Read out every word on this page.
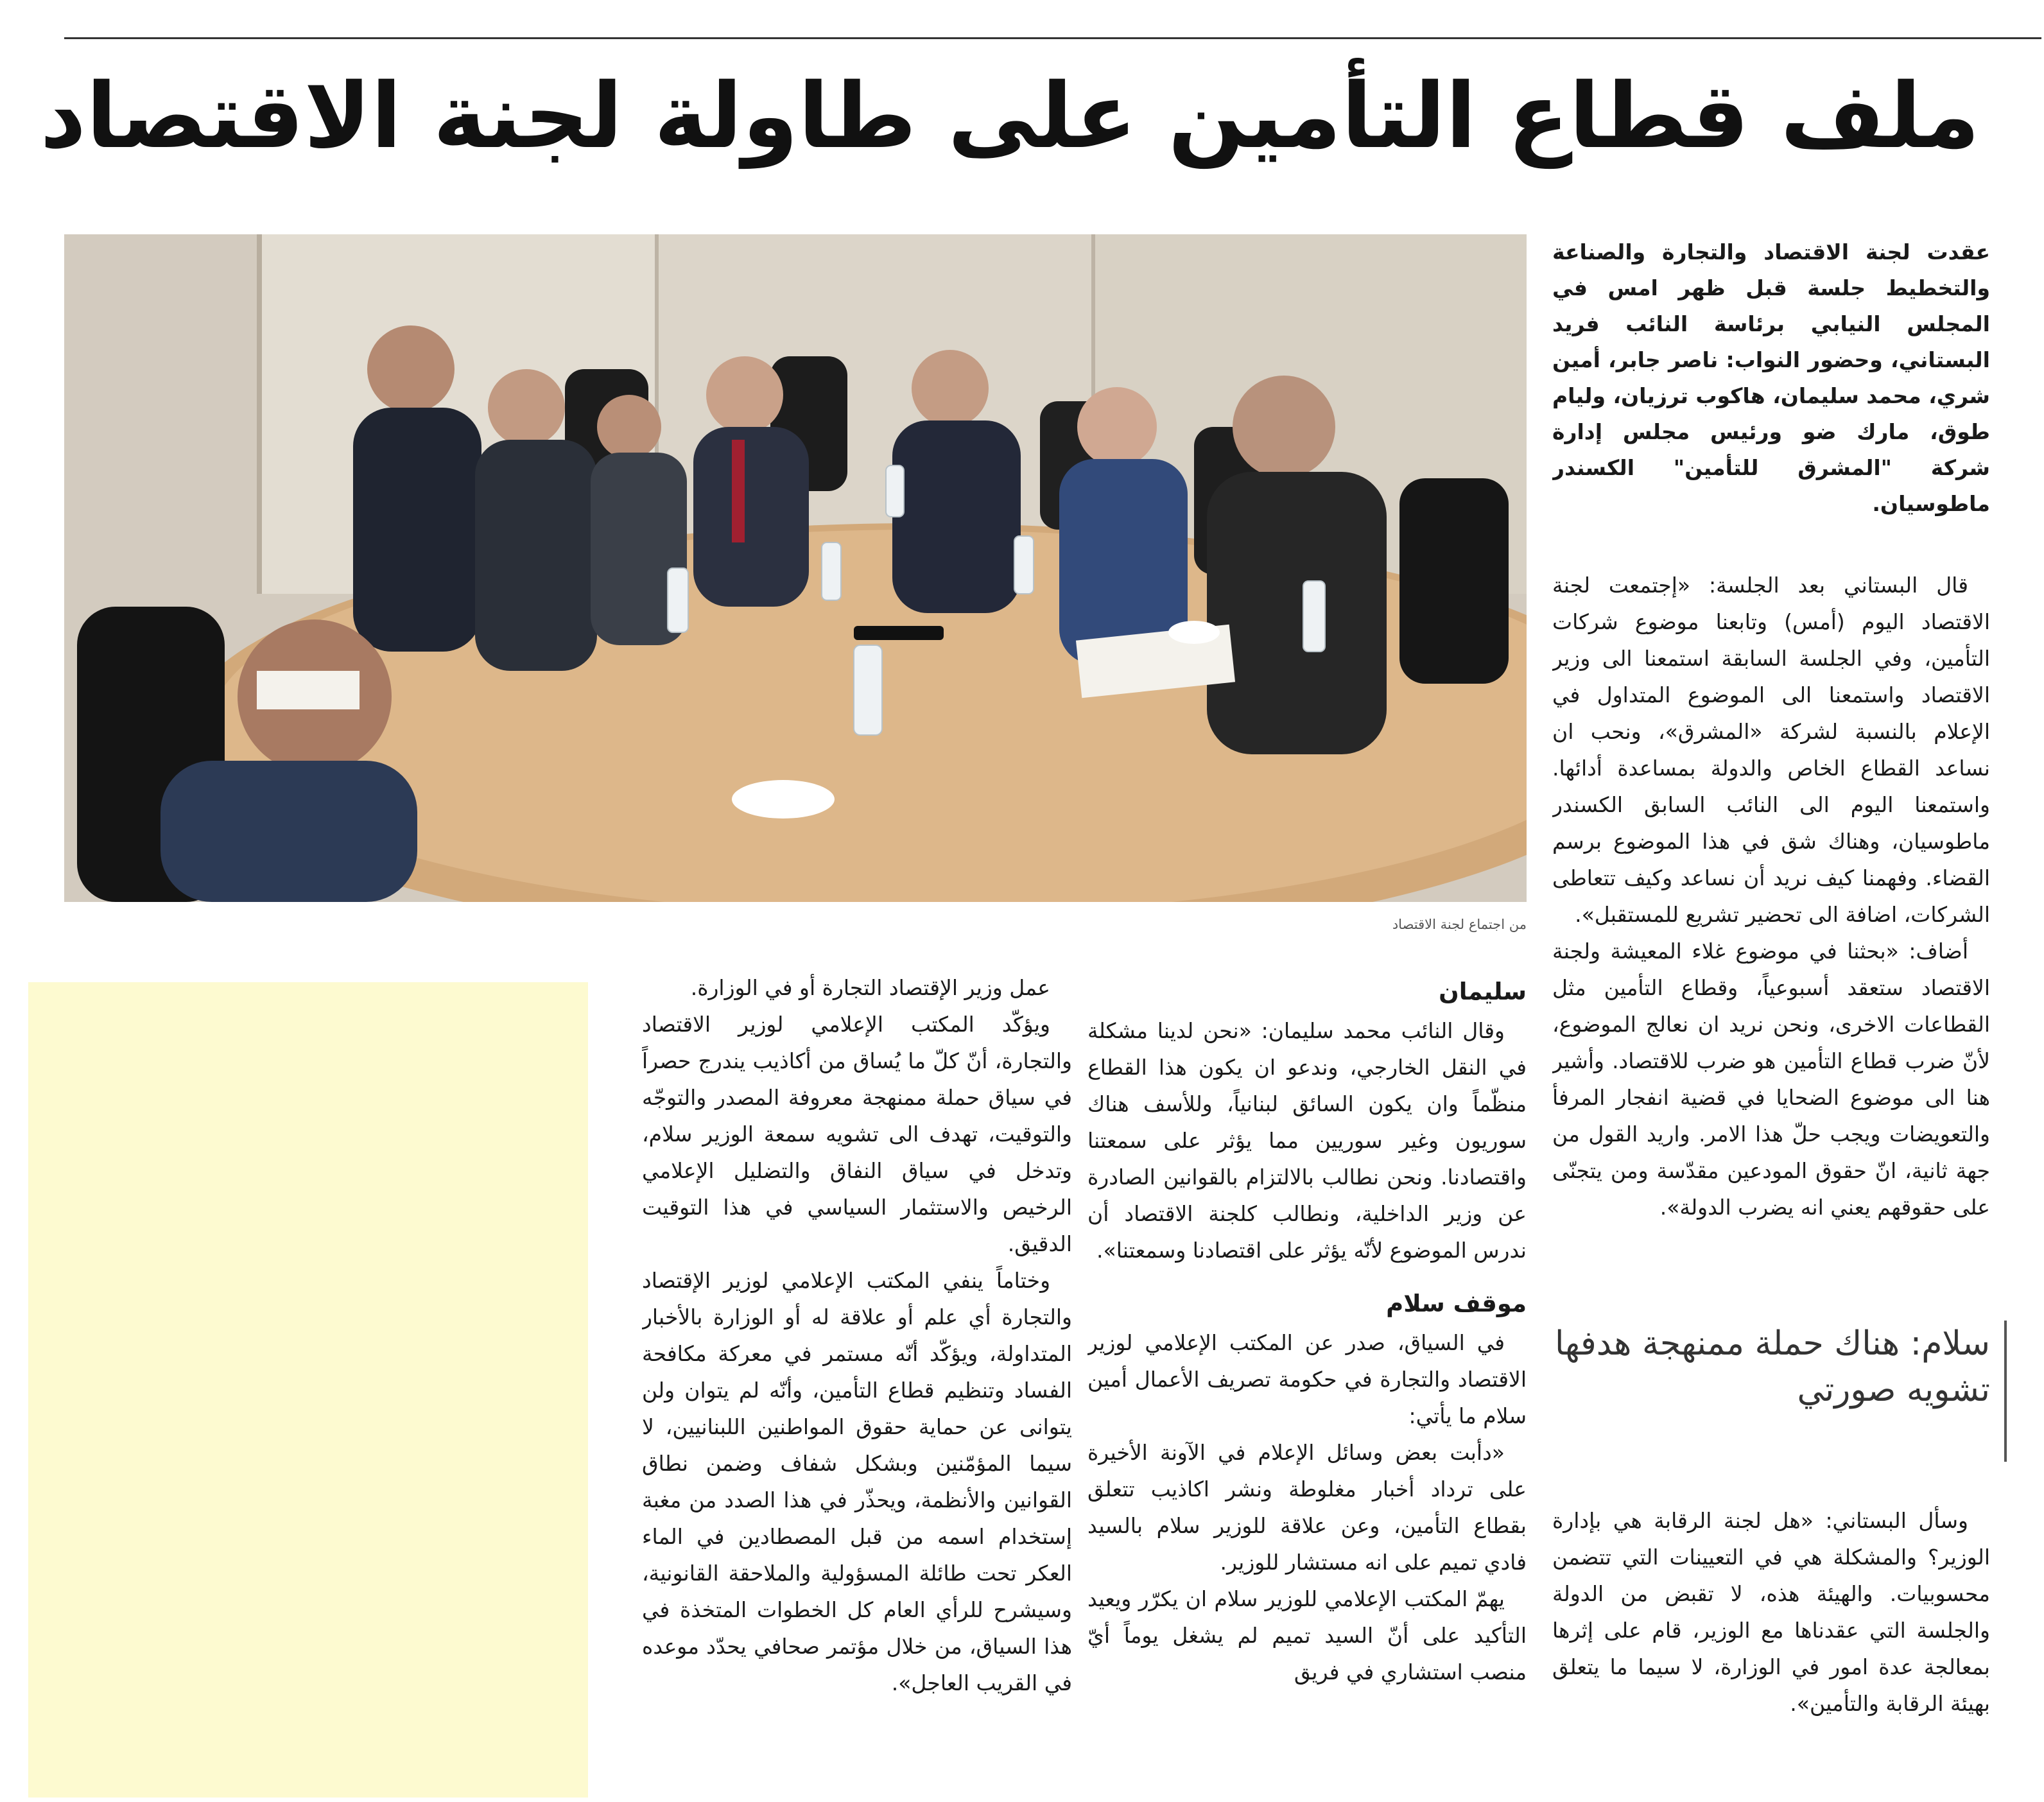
ملف قطاع التأمين على طاولة لجنة الاقتصاد
من اجتماع لجنة الاقتصاد

عقدت لجنة الاقتصاد والتجارة والصناعة والتخطيط جلسة قبل ظهر امس في المجلس النيابي برئاسة النائب فريد البستاني، وحضور النواب: ناصر جابر، أمين شري، محمد سليمان، هاكوب ترزيان، وليام طوق، مارك ضو ورئيس مجلس إدارة شركة "المشرق للتأمين" الكسندر ماطوسيان.

قال البستاني بعد الجلسة: «إجتمعت لجنة الاقتصاد اليوم (أمس) وتابعنا موضوع شركات التأمين، وفي الجلسة السابقة استمعنا الى وزير الاقتصاد واستمعنا الى الموضوع المتداول في الإعلام بالنسبة لشركة «المشرق»، ونحب ان نساعد القطاع الخاص والدولة بمساعدة أدائها. واستمعنا اليوم الى النائب السابق الكسندر ماطوسيان، وهناك شق في هذا الموضوع برسم القضاء. وفهمنا كيف نريد أن نساعد وكيف تتعاطى الشركات، اضافة الى تحضير تشريع للمستقبل».

أضاف: «بحثنا في موضوع غلاء المعيشة ولجنة الاقتصاد ستعقد أسبوعياً، وقطاع التأمين مثل القطاعات الاخرى، ونحن نريد ان نعالج الموضوع، لأنّ ضرب قطاع التأمين هو ضرب للاقتصاد. وأشير هنا الى موضوع الضحايا في قضية انفجار المرفأ والتعويضات ويجب حلّ هذا الامر. واريد القول من جهة ثانية، انّ حقوق المودعين مقدّسة ومن يتجنّى على حقوقهم يعني انه يضرب الدولة».

سلام: هناك حملة ممنهجة هدفها تشويه صورتي

وسأل البستاني: «هل لجنة الرقابة هي بإدارة الوزير؟ والمشكلة هي في التعيينات التي تتضمن محسوبيات. والهيئة هذه، لا تقبض من الدولة والجلسة التي عقدناها مع الوزير، قام على إثرها بمعالجة عدة امور في الوزارة، لا سيما ما يتعلق بهيئة الرقابة والتأمين».

سليمان

وقال النائب محمد سليمان: «نحن لدينا مشكلة في النقل الخارجي، وندعو ان يكون هذا القطاع منظّماً وان يكون السائق لبنانياً، وللأسف هناك سوريون وغير سوريين مما يؤثر على سمعتنا واقتصادنا. ونحن نطالب بالالتزام بالقوانين الصادرة عن وزير الداخلية، ونطالب كلجنة الاقتصاد أن ندرس الموضوع لأنّه يؤثر على اقتصادنا وسمعتنا».

موقف سلام

في السياق، صدر عن المكتب الإعلامي لوزير الاقتصاد والتجارة في حكومة تصريف الأعمال أمين سلام ما يأتي:

«دأبت بعض وسائل الإعلام في الآونة الأخيرة على ترداد أخبار مغلوطة ونشر اكاذيب تتعلق بقطاع التأمين، وعن علاقة للوزير سلام بالسيد فادي تميم على انه مستشار للوزير.

يهمّ المكتب الإعلامي للوزير سلام ان يكرّر ويعيد التأكيد على أنّ السيد تميم لم يشغل يوماً أيّ منصب استشاري في فريق

عمل وزير الإقتصاد التجارة أو في الوزارة.

ويؤكّد المكتب الإعلامي لوزير الاقتصاد والتجارة، أنّ كلّ ما يُساق من أكاذيب يندرج حصراً في سياق حملة ممنهجة معروفة المصدر والتوجّه والتوقيت، تهدف الى تشويه سمعة الوزير سلام، وتدخل في سياق النفاق والتضليل الإعلامي الرخيص والاستثمار السياسي في هذا التوقيت الدقيق.

وختاماً ينفي المكتب الإعلامي لوزير الإقتصاد والتجارة أي علم أو علاقة له أو الوزارة بالأخبار المتداولة، ويؤكّد أنّه مستمر في معركة مكافحة الفساد وتنظيم قطاع التأمين، وأنّه لم يتوان ولن يتوانى عن حماية حقوق المواطنين اللبنانيين، لا سيما المؤمّنين وبشكل شفاف وضمن نطاق القوانين والأنظمة، ويحذّر في هذا الصدد من مغبة إستخدام اسمه من قبل المصطادين في الماء العكر تحت طائلة المسؤولية والملاحقة القانونية، وسيشرح للرأي العام كل الخطوات المتخذة في هذا السياق، من خلال مؤتمر صحافي يحدّد موعده في القريب العاجل».
